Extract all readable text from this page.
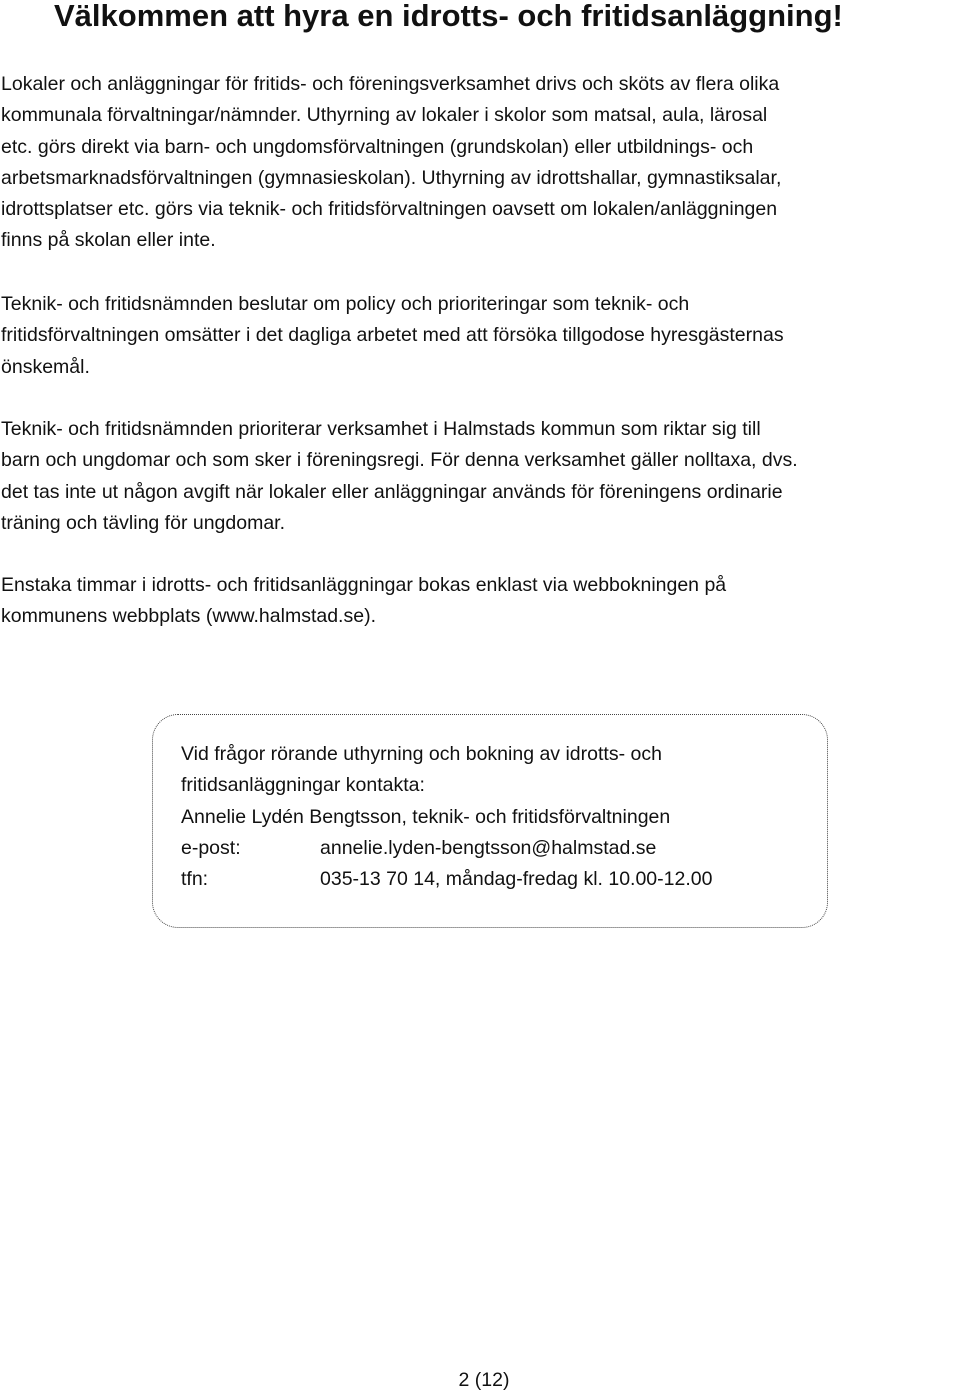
Välkommen att hyra en idrotts- och fritidsanläggning!

Lokaler och anläggningar för fritids- och föreningsverksamhet drivs och sköts av flera olika
kommunala förvaltningar/nämnder. Uthyrning av lokaler i skolor som matsal, aula, lärosal
etc. görs direkt via barn- och ungdomsförvaltningen (grundskolan) eller utbildnings- och
arbetsmarknadsförvaltningen (gymnasieskolan). Uthyrning av idrottshallar, gymnastiksalar,
idrottsplatser etc. görs via teknik- och fritidsförvaltningen oavsett om lokalen/anläggningen
finns på skolan eller inte.

Teknik- och fritidsnämnden beslutar om policy och prioriteringar som teknik- och
fritidsförvaltningen omsätter i det dagliga arbetet med att försöka tillgodose hyresgästernas
önskemål.

Teknik- och fritidsnämnden prioriterar verksamhet i Halmstads kommun som riktar sig till
barn och ungdomar och som sker i föreningsregi. För denna verksamhet gäller nolltaxa, dvs.
det tas inte ut någon avgift när lokaler eller anläggningar används för föreningens ordinarie
träning och tävling för ungdomar.

Enstaka timmar i idrotts- och fritidsanläggningar bokas enklast via webbokningen på
kommunens webbplats (www.halmstad.se).

Vid frågor rörande uthyrning och bokning av idrotts- och
fritidsanläggningar kontakta:
Annelie Lydén Bengtsson, teknik- och fritidsförvaltningen
e-post:	annelie.lyden-bengtsson@halmstad.se
tfn:	035-13 70 14, måndag-fredag kl. 10.00-12.00
2 (12)
